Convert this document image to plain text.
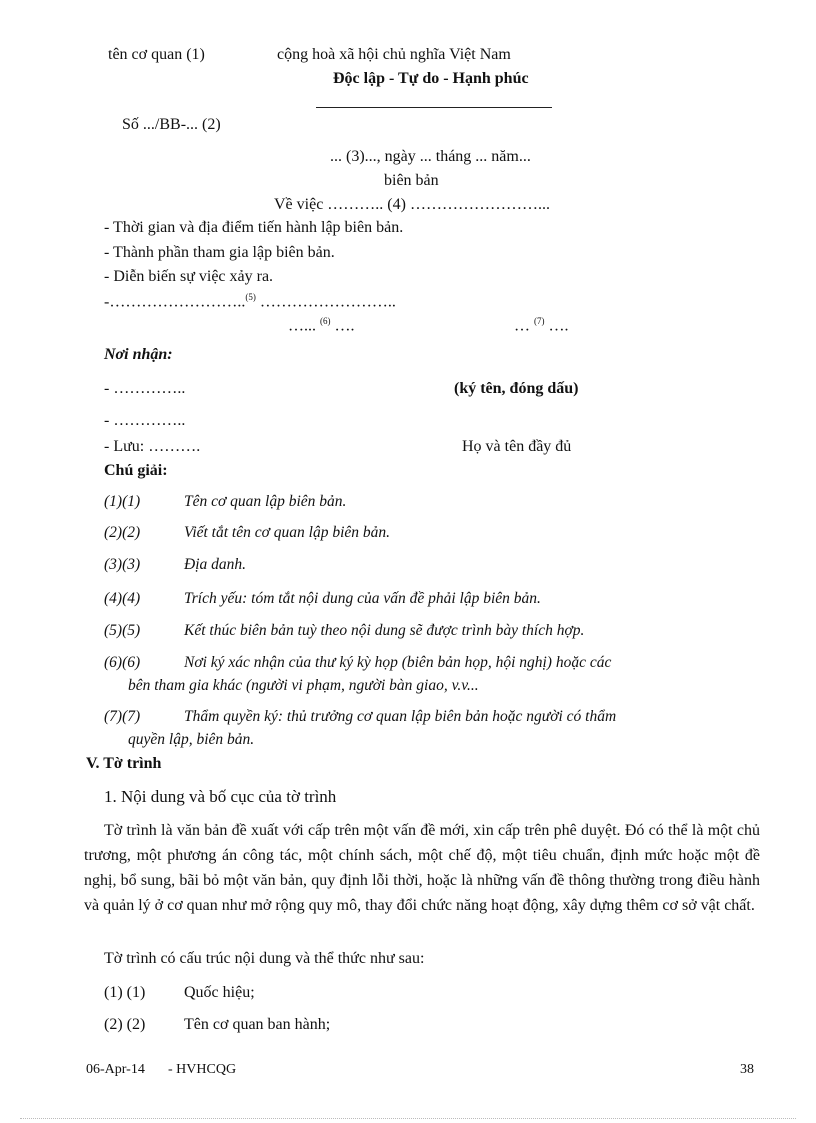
tên cơ quan (1)	cộng hoà xã hội chủ nghĩa Việt Nam
Độc lập - Tự do - Hạnh phúc
Số .../BB-... (2)
... (3)..., ngày ... tháng ... năm...
biên bản
Về việc ……….. (4) ……………………...
- Thời gian và địa điểm tiến hành lập biên bản.
- Thành phần tham gia lập biên bản.
- Diễn biến sự việc xảy ra.
-……………………..$^{(5)}$ ……………………..
…... $^{(6)}$ ….	… $^{(7)}$ ….
Nơi nhận:
- …………..	(ký tên, đóng dấu)
- …………..
- Lưu: ……….	Họ và tên đầy đủ
Chú giải:
(1)(1)	Tên cơ quan lập biên bản.
(2)(2)	Viết tắt tên cơ quan lập biên bản.
(3)(3)	Địa danh.
(4)(4)	Trích yếu: tóm tắt nội dung của vấn đề phải lập biên bản.
(5)(5)	Kết thúc biên bản tuỳ theo nội dung sẽ được trình bày thích hợp.
(6)(6)	Nơi ký xác nhận của thư ký kỳ họp (biên bản họp, hội nghị) hoặc các
bên tham gia khác (người vi phạm, người bàn giao, v.v...
(7)(7)	Thẩm quyền ký: thủ trưởng cơ quan lập biên bản hoặc người có thẩm
quyền lập, biên bản.
V. Tờ trình
1. Nội dung và bố cục của tờ trình

Tờ trình là văn bản đề xuất với cấp trên một vấn đề mới, xin cấp trên phê duyệt. Đó có thể là một chủ trương, một phương án công tác, một chính sách, một chế độ, một tiêu chuẩn, định mức hoặc một đề nghị, bổ sung, bãi bỏ một văn bản, quy định lỗi thời, hoặc là những vấn đề thông thường trong điều hành và quản lý ở cơ quan như mở rộng quy mô, thay đổi chức năng hoạt động, xây dựng thêm cơ sở vật chất.

Tờ trình có cấu trúc nội dung và thể thức như sau:
(1) (1) Quốc hiệu;
(2) (2) Tên cơ quan ban hành;
06-Apr-14 - HVHCQG	38
